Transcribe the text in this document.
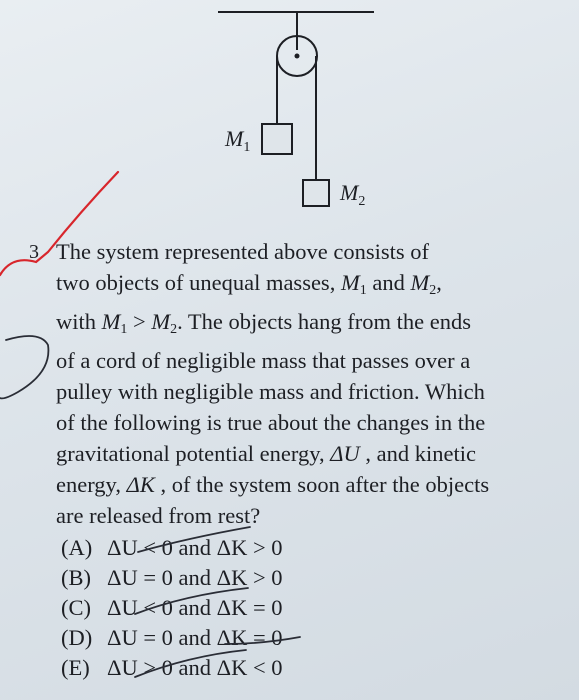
$M_1$
$M_2$
3 The system represented above consists of
two objects of unequal masses, $M_1$ and $M_2$,
with $M_1 > M_2$. The objects hang from the ends
of a cord of negligible mass that passes over a
pulley with negligible mass and friction. Which
of the following is true about the changes in the
gravitational potential energy, ΔU , and kinetic
energy, ΔK , of the system soon after the objects
are released from rest?

(A) ΔU < 0 and ΔK > 0
(B) ΔU = 0 and ΔK > 0
(C) ΔU < 0 and ΔK = 0
(D) ΔU = 0 and ΔK = 0
(E) ΔU > 0 and ΔK < 0
